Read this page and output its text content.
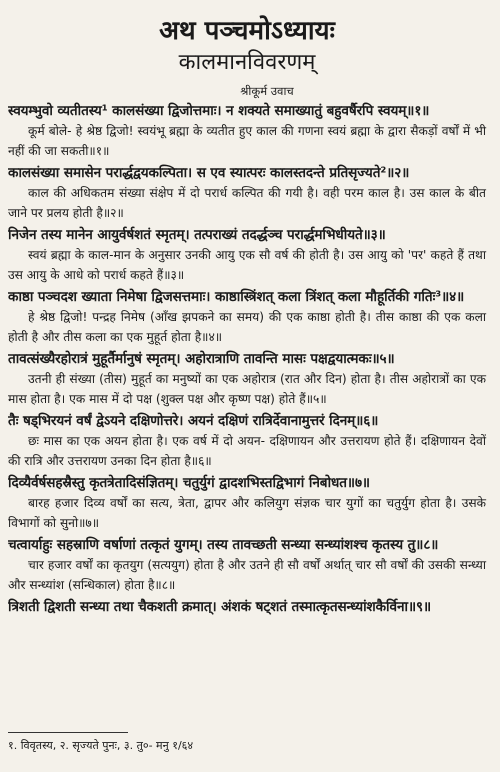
अथ पञ्चमोऽध्यायः
कालमानविवरणम्
श्रीकूर्म उवाच

स्वयम्भुवो व्यतीतस्य¹ कालसंख्या द्विजोत्तमाः। न शक्यते समाख्यातुं बहुवर्षैरपि स्वयम्॥१॥

कूर्म बोले- हे श्रेष्ठ द्विजो! स्वयंभू ब्रह्मा के व्यतीत हुए काल की गणना स्वयं ब्रह्मा के द्वारा सैकड़ों वर्षों में भी नहीं की जा सकती॥१॥

कालसंख्या समासेन परार्द्धद्वयकल्पिता। स एव स्यात्परः कालस्तदन्ते प्रतिसृज्यते²॥२॥

काल की अधिकतम संख्या संक्षेप में दो परार्ध कल्पित की गयी है। वही परम काल है। उस काल के बीत जाने पर प्रलय होती है॥२॥

निजेन तस्य मानेन आयुर्वर्षशतं स्मृतम्। तत्पराख्यं तदर्द्धञ्च परार्द्धमभिधीयते॥३॥

स्वयं ब्रह्मा के काल-मान के अनुसार उनकी आयु एक सौ वर्ष की होती है। उस आयु को 'पर' कहते हैं तथा उस आयु के आधे को परार्ध कहते हैं॥३॥

काष्ठा पञ्चदश ख्याता निमेषा द्विजसत्तमाः। काष्ठास्त्रिंशत् कला त्रिंशत् कला मौहूर्तिकी गतिः³॥४॥

हे श्रेष्ठ द्विजो! पन्द्रह निमेष (आँख झपकने का समय) की एक काष्ठा होती है। तीस काष्ठा की एक कला होती है और तीस कला का एक मुहूर्त होता है॥४॥

तावत्संख्यैरहोरात्रं मुहूर्तैर्मानुषं स्मृतम्। अहोरात्राणि तावन्ति मासः पक्षद्वयात्मकः॥५॥

उतनी ही संख्या (तीस) मुहूर्त का मनुष्यों का एक अहोरात्र (रात और दिन) होता है। तीस अहोरात्रों का एक मास होता है। एक मास में दो पक्ष (शुक्ल पक्ष और कृष्ण पक्ष) होते हैं॥५॥

तैः षड्भिरयनं वर्षं द्वेऽयने दक्षिणोत्तरे। अयनं दक्षिणं रात्रिर्देवानामुत्तरं दिनम्॥६॥

छः मास का एक अयन होता है। एक वर्ष में दो अयन- दक्षिणायन और उत्तरायण होते हैं। दक्षिणायन देवों की रात्रि और उत्तरायण उनका दिन होता है॥६॥

दिव्यैर्वर्षसहस्रैस्तु कृतत्रेतादिसंज्ञितम्। चतुर्युगं द्वादशभिस्तद्विभागं निबोधत॥७॥

बारह हजार दिव्य वर्षों का सत्य, त्रेता, द्वापर और कलियुग संज्ञक चार युगों का चतुर्युग होता है। उसके विभागों को सुनो॥७॥

चत्वार्याहुः सहस्राणि वर्षाणां तत्कृतं युगम्। तस्य तावच्छती सन्ध्या सन्ध्यांशश्च कृतस्य तु॥८॥

चार हजार वर्षों का कृतयुग (सत्ययुग) होता है और उतने ही सौ वर्षों अर्थात् चार सौ वर्षों की उसकी सन्ध्या और सन्ध्यांश (सन्धिकाल) होता है॥८॥

त्रिशती द्विशती सन्ध्या तथा चैकशती क्रमात्। अंशकं षट्शतं तस्मात्कृतसन्ध्यांशकैर्विना॥९॥

१. विवृतस्य, २. सृज्यते पुनः, ३. तु०- मनु १/६४
